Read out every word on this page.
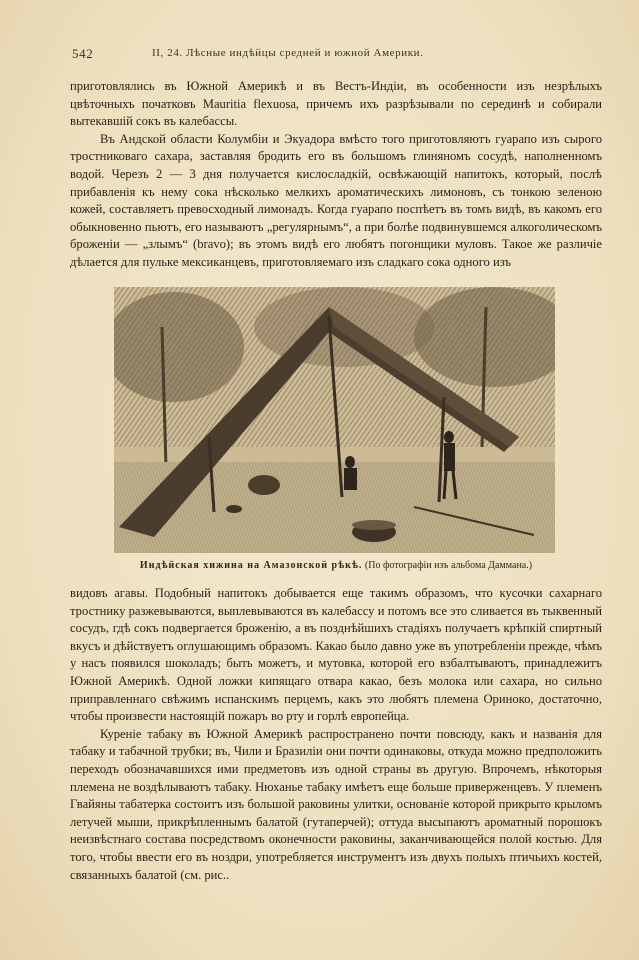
542	II, 24. Лѣсные индѣйцы средней и южной Америки.

приготовлялись въ Южной Америкѣ и въ Вестъ-Индіи, въ особенности изъ незрѣлыхъ цвѣточныхъ початковъ Mauritia flexuosa, причемъ ихъ разрѣзывали по серединѣ и собирали вытекавшій сокъ въ калебассы.

Въ Андской области Колумбіи и Экуадора вмѣсто того приготовляютъ гуарапо изъ сырого тростниковаго сахара, заставляя бродить его въ большомъ глиняномъ сосудѣ, наполненномъ водой. Черезъ 2 — 3 дня получается кислосладкій, освѣжающій напитокъ, который, послѣ прибавленія къ нему сока нѣсколько мелкихъ ароматическихъ лимоновъ, съ тонкою зеленою кожей, составляетъ превосходный лимонадъ. Когда гуарапо поспѣетъ въ томъ видѣ, въ какомъ его обыкновенно пьютъ, его называютъ „регулярнымъ“, а при болѣе подвинувшемся алкоголическомъ броженіи — „злымъ“ (bravo); въ этомъ видѣ его любятъ погонщики муловъ. Такое же различіе дѣлается для пульке мексиканцевъ, приготовляемаго изъ сладкаго сока одного изъ

Индѣйская хижина на Амазонской рѣкѣ. (По фотографіи изъ альбома Даммана.)

видовъ агавы. Подобный напитокъ добывается еще такимъ образомъ, что кусочки сахарнаго тростнику разжевываются, выплевываются въ калебассу и потомъ все это сливается въ тыквенный сосудъ, гдѣ сокъ подвергается броженію, а въ позднѣйшихъ стадіяхъ получаетъ крѣпкій спиртный вкусъ и дѣйствуетъ оглушающимъ образомъ. Какао было давно уже въ употребленіи прежде, чѣмъ у насъ появился шоколадъ; быть можетъ, и мутовка, которой его взбалтываютъ, принадлежитъ Южной Америкѣ. Одной ложки кипящаго отвара какао, безъ молока или сахара, но сильно приправленнаго свѣжимъ испанскимъ перцемъ, какъ это любятъ племена Ориноко, достаточно, чтобы произвести настоящій пожаръ во рту и горлѣ европейца.

Куреніе табаку въ Южной Америкѣ распространено почти повсюду, какъ и названія для табаку и табачной трубки; въ, Чили и Бразиліи они почти одинаковы, откуда можно предположить переходъ обозначавшихся ими предметовъ изъ одной страны въ другую. Впрочемъ, нѣкоторыя племена не воздѣлываютъ табаку. Нюханье табаку имѣетъ еще больше приверженцевъ. У племенъ Гвайяны табатерка состоитъ изъ большой раковины улитки, основаніе которой прикрыто крыломъ летучей мыши, прикрѣпленнымъ балатой (гутаперчей); оттуда высыпаютъ ароматный порошокъ неизвѣстнаго состава посредствомъ оконечности раковины, заканчивающейся полой костью. Для того, чтобы ввести его въ ноздри, употребляется инструментъ изъ двухъ полыхъ птичьихъ костей, связанныхъ балатой (см. рис..
